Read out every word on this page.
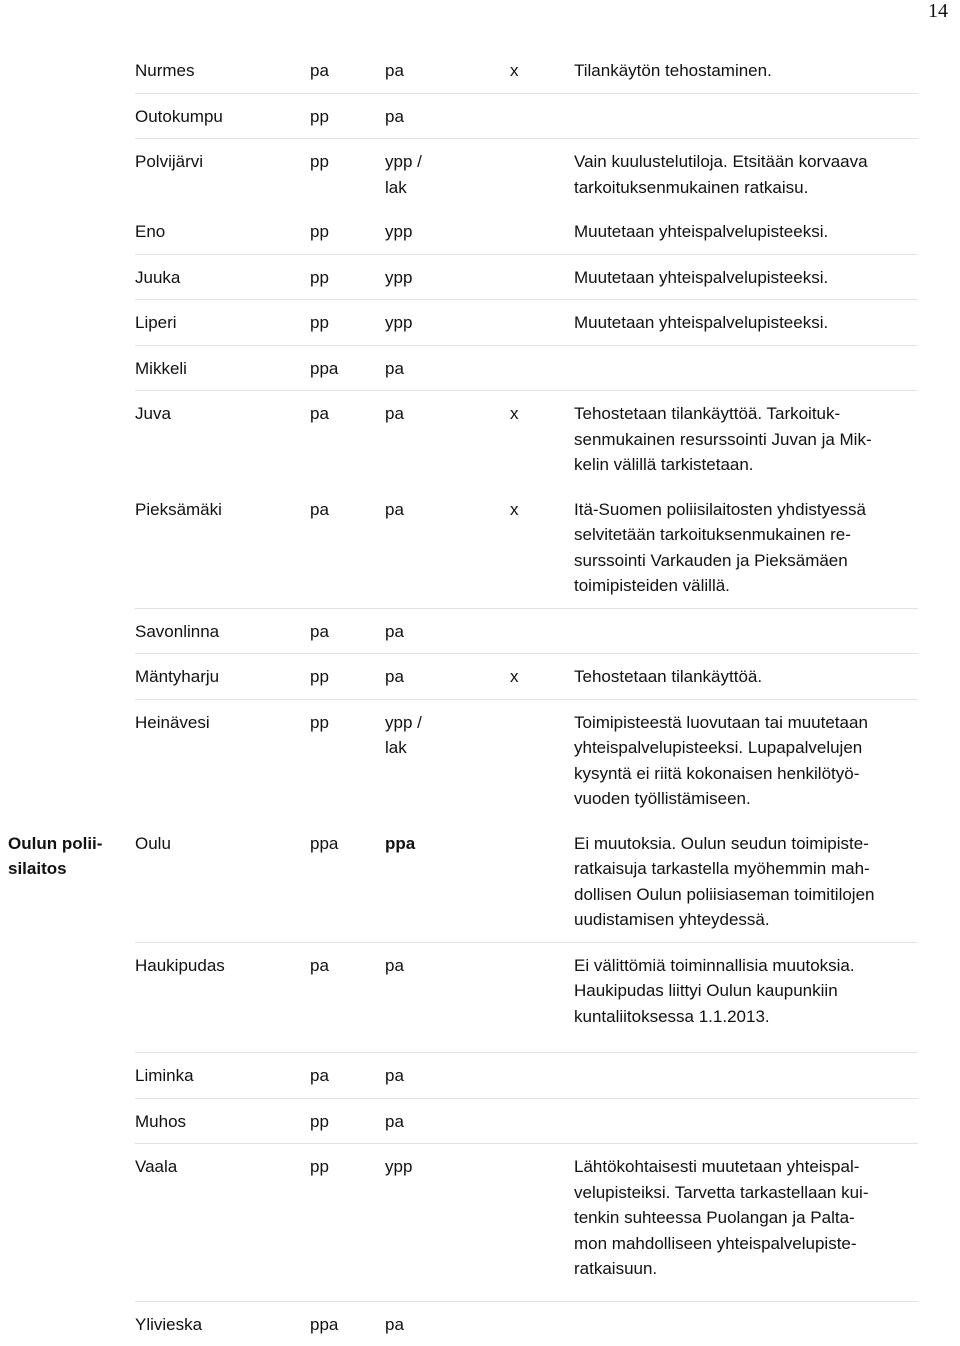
14
	Nurmes	pa	pa	x	Tilankäytön tehostaminen.
	Outokumpu	pp	pa		
	Polvijärvi	pp	ypp /
lak		Vain kuulustelutiloja. Etsitään korvaava
tarkoituksenmukainen ratkaisu.
	Eno	pp	ypp		Muutetaan yhteispalvelupisteeksi.
	Juuka	pp	ypp		Muutetaan yhteispalvelupisteeksi.
	Liperi	pp	ypp		Muutetaan yhteispalvelupisteeksi.
	Mikkeli	ppa	pa		
	Juva	pa	pa	x	Tehostetaan tilankäyttöä. Tarkoituk-
senmukainen resurssointi Juvan ja Mik-
kelin välillä tarkistetaan.
	Pieksämäki	pa	pa	x	Itä-Suomen poliisilaitosten yhdistyessä
selvitetään tarkoituksenmukainen re-
surssointi Varkauden ja Pieksämäen
toimipisteiden välillä.
	Savonlinna	pa	pa		
	Mäntyharju	pp	pa	x	Tehostetaan tilankäyttöä.
	Heinävesi	pp	ypp /
lak		Toimipisteestä luovutaan tai muutetaan
yhteispalvelupisteeksi. Lupapalvelujen
kysyntä ei riitä kokonaisen henkilötyö-
vuoden työllistämiseen.
Oulun polii-
silaitos	Oulu	ppa	ppa		Ei muutoksia. Oulun seudun toimipiste-
ratkaisuja tarkastella myöhemmin mah-
dollisen Oulun poliisiaseman toimitilojen
uudistamisen yhteydessä.
	Haukipudas	pa	pa		Ei välittömiä toiminnallisia muutoksia.
Haukipudas liittyi Oulun kaupunkiin
kuntaliitoksessa 1.1.2013.
	Liminka	pa	pa		
	Muhos	pp	pa		
	Vaala	pp	ypp		Lähtökohtaisesti muutetaan yhteispal-
velupisteiksi. Tarvetta tarkastellaan kui-
tenkin suhteessa Puolangan ja Palta-
mon mahdolliseen yhteispalvelupiste-
ratkaisuun.
	Ylivieska	ppa	pa		
